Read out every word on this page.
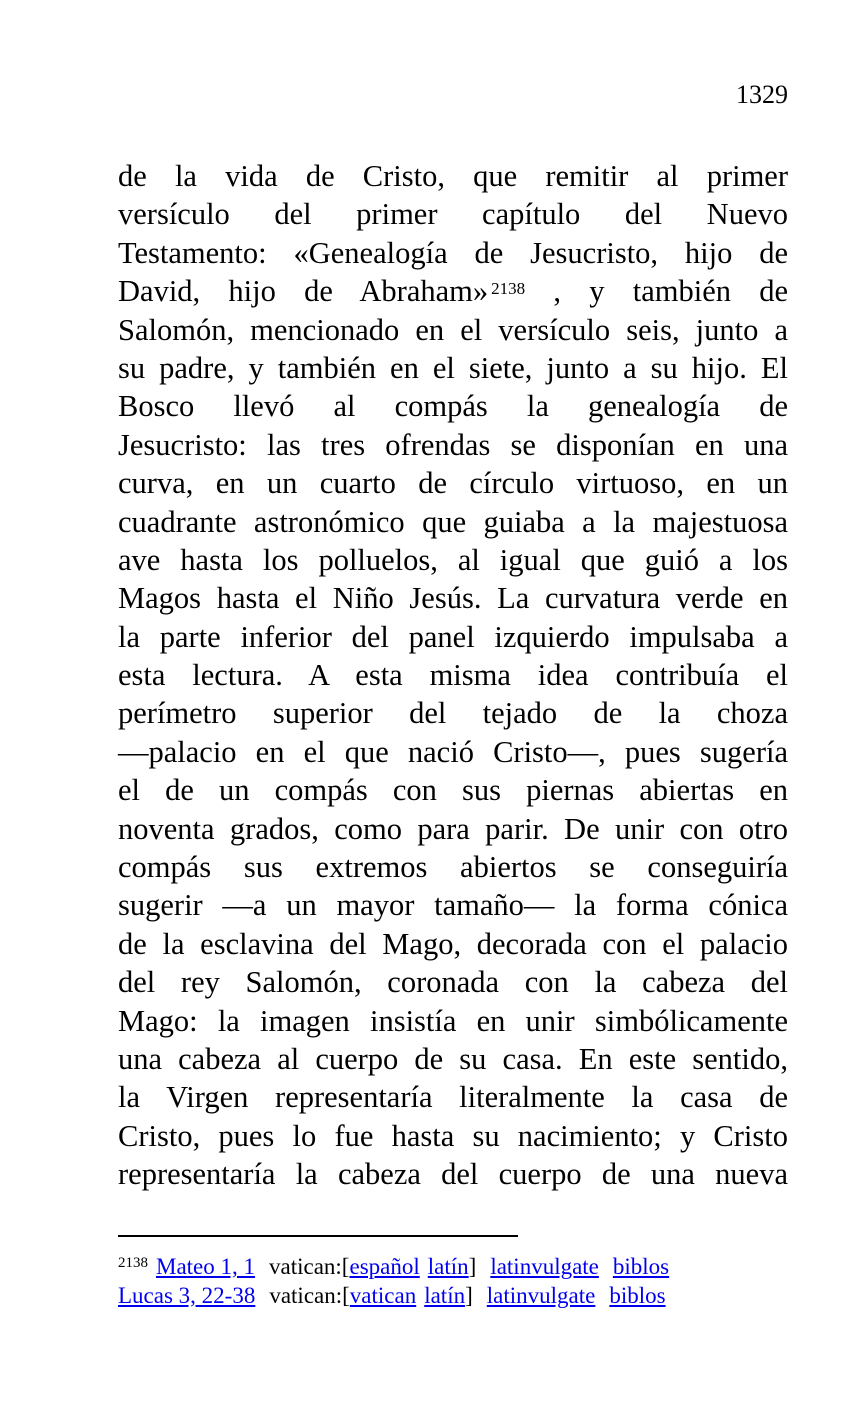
1329
de la vida de Cristo, que remitir al primer
versículo del primer capítulo del Nuevo
Testamento: «Genealogía de Jesucristo, hijo de
David, hijo de Abraham» $^{2138}$ , y también de
Salomón, mencionado en el versículo seis, junto a
su padre, y también en el siete, junto a su hijo. El
Bosco llevó al compás la genealogía de
Jesucristo: las tres ofrendas se disponían en una
curva, en un cuarto de círculo virtuoso, en un
cuadrante astronómico que guiaba a la majestuosa
ave hasta los polluelos, al igual que guió a los
Magos hasta el Niño Jesús. La curvatura verde en
la parte inferior del panel izquierdo impulsaba a
esta lectura. A esta misma idea contribuía el
perímetro superior del tejado de la choza
—palacio en el que nació Cristo—, pues sugería
el de un compás con sus piernas abiertas en
noventa grados, como para parir. De unir con otro
compás sus extremos abiertos se conseguiría
sugerir —a un mayor tamaño— la forma cónica
de la esclavina del Mago, decorada con el palacio
del rey Salomón, coronada con la cabeza del
Mago: la imagen insistía en unir simbólicamente
una cabeza al cuerpo de su casa. En este sentido,
la Virgen representaría literalmente la casa de
Cristo, pues lo fue hasta su nacimiento; y Cristo
representaría la cabeza del cuerpo de una nueva
$^{2138}$ Mateo 1, 1 vatican:[español latín] latinvulgate biblos
Lucas 3, 22-38 vatican:[vatican latín] latinvulgate biblos
